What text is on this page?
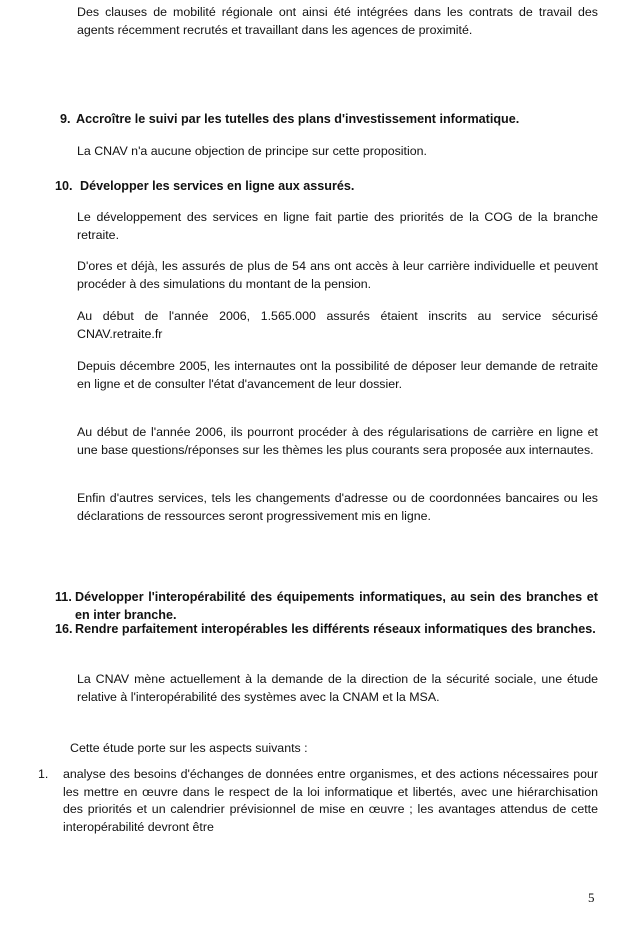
Des clauses de mobilité régionale ont ainsi été intégrées dans les contrats de travail des agents récemment recrutés et travaillant dans les agences de proximité.

9. Accroître le suivi par les tutelles des plans d'investissement informatique.

La CNAV n'a aucune objection de principe sur cette proposition.

10. Développer les services en ligne aux assurés.

Le développement des services en ligne fait partie des priorités de la COG de la branche retraite.

D'ores et déjà, les assurés de plus de 54 ans ont accès à leur carrière individuelle et peuvent procéder à des simulations du montant de la pension.

Au début de l'année 2006, 1.565.000 assurés étaient inscrits au service sécurisé CNAV.retraite.fr

Depuis décembre 2005, les internautes ont la possibilité de déposer leur demande de retraite en ligne et de consulter l'état d'avancement de leur dossier.

Au début de l'année 2006, ils pourront procéder à des régularisations de carrière en ligne et une base questions/réponses sur les thèmes les plus courants sera proposée aux internautes.

Enfin d'autres services, tels les changements d'adresse ou de coordonnées bancaires ou les déclarations de ressources seront progressivement mis en ligne.

11. Développer l'interopérabilité des équipements informatiques, au sein des branches et en inter branche.
16. Rendre parfaitement interopérables les différents réseaux informatiques des branches.

La CNAV mène actuellement à la demande de la direction de la sécurité sociale, une étude relative à l'interopérabilité des systèmes avec la CNAM et la MSA.

Cette étude porte sur les aspects suivants :

1. analyse des besoins d'échanges de données entre organismes, et des actions nécessaires pour les mettre en œuvre dans le respect de la loi informatique et libertés, avec une hiérarchisation des priorités et un calendrier prévisionnel de mise en œuvre ; les avantages attendus de cette interopérabilité devront être
5
